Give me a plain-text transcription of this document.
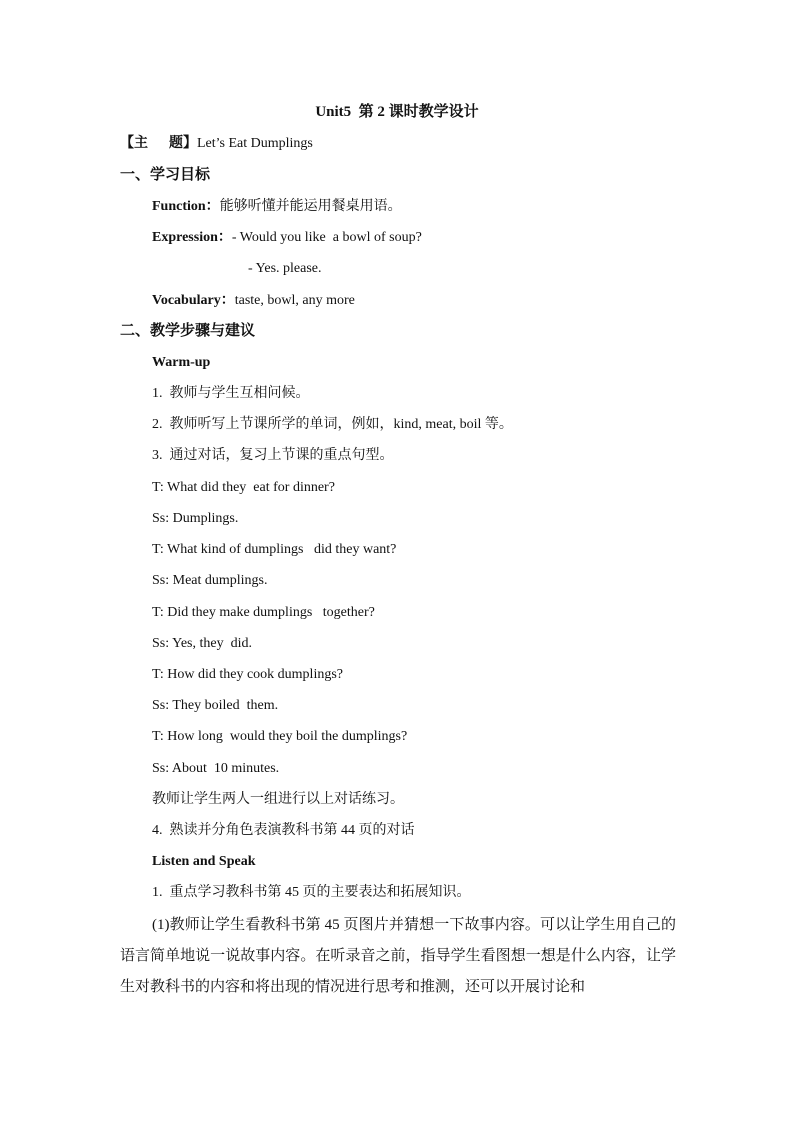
Unit5  第 2 课时教学设计
【主      题】Let’s Eat Dumplings
一、学习目标
Function：能够听懂并能运用餐桌用语。
Expression：- Would you like  a bowl of soup?
- Yes. please.
Vocabulary：taste, bowl, any more
二、教学步骤与建议
Warm-up
1.  教师与学生互相问候。
2.  教师听写上节课所学的单词，例如，kind, meat, boil 等。
3.  通过对话，复习上节课的重点句型。
T: What did they  eat for dinner?
Ss: Dumplings.
T: What kind of dumplings   did they want?
Ss: Meat dumplings.
T: Did they make dumplings   together?
Ss: Yes, they  did.
T: How did they cook dumplings?
Ss: They boiled  them.
T: How long  would they boil the dumplings?
Ss: About  10 minutes.
教师让学生两人一组进行以上对话练习。
4.  熟读并分角色表演教科书第 44 页的对话
Listen and Speak
1.  重点学习教科书第 45 页的主要表达和拓展知识。
(1)教师让学生看教科书第 45 页图片并猜想一下故事内容。可以让学生用自己的语言简单地说一说故事内容。在听录音之前，指导学生看图想一想是什么内容，让学生对教科书的内容和将出现的情况进行思考和推测，还可以开展讨论和
